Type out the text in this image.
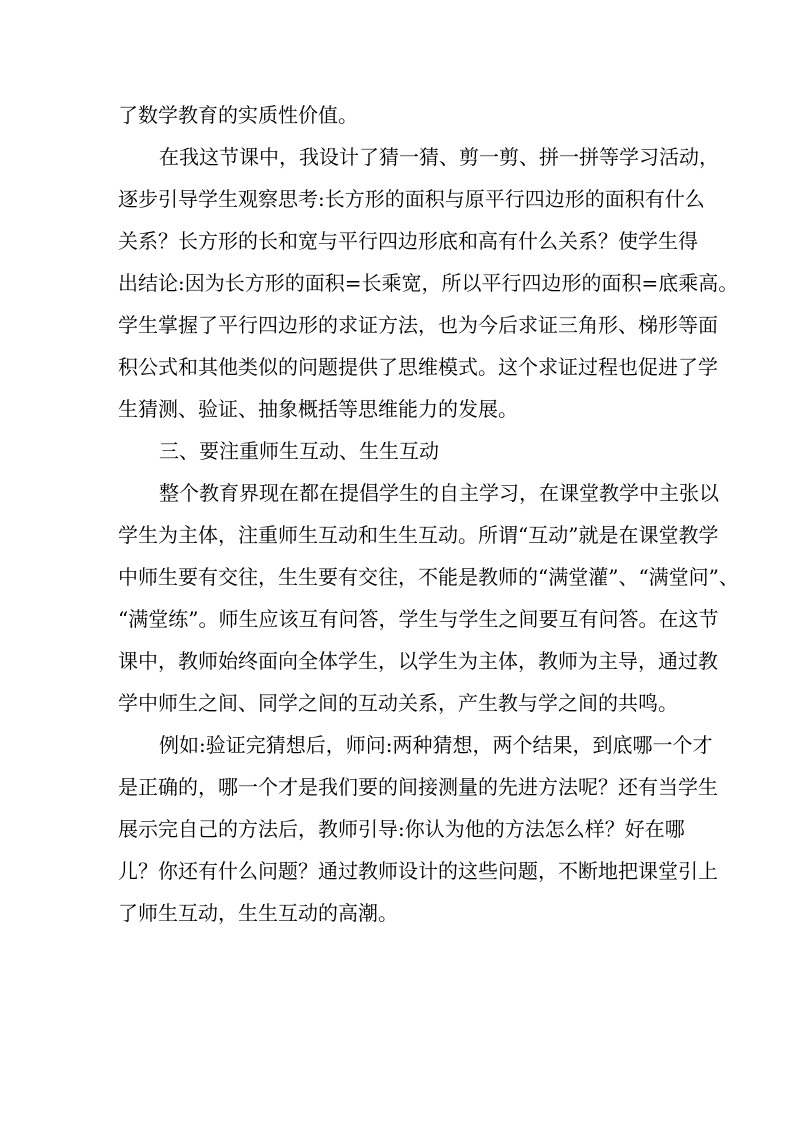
了数学教育的实质性价值。

在我这节课中，我设计了猜一猜、剪一剪、拼一拼等学习活动，

逐步引导学生观察思考:长方形的面积与原平行四边形的面积有什么

关系？长方形的长和宽与平行四边形底和高有什么关系？使学生得

出结论:因为长方形的面积=长乘宽，所以平行四边形的面积=底乘高。

学生掌握了平行四边形的求证方法，也为今后求证三角形、梯形等面

积公式和其他类似的问题提供了思维模式。这个求证过程也促进了学

生猜测、验证、抽象概括等思维能力的发展。

三、要注重师生互动、生生互动

整个教育界现在都在提倡学生的自主学习，在课堂教学中主张以

学生为主体，注重师生互动和生生互动。所谓“互动”就是在课堂教学

中师生要有交往，生生要有交往，不能是教师的“满堂灌”、“满堂问”、

“满堂练”。师生应该互有问答，学生与学生之间要互有问答。在这节

课中，教师始终面向全体学生，以学生为主体，教师为主导，通过教

学中师生之间、同学之间的互动关系，产生教与学之间的共鸣。

例如:验证完猜想后，师问:两种猜想，两个结果，到底哪一个才

是正确的，哪一个才是我们要的间接测量的先进方法呢？还有当学生

展示完自己的方法后，教师引导:你认为他的方法怎么样？好在哪

儿？你还有什么问题？通过教师设计的这些问题，不断地把课堂引上

了师生互动，生生互动的高潮。
